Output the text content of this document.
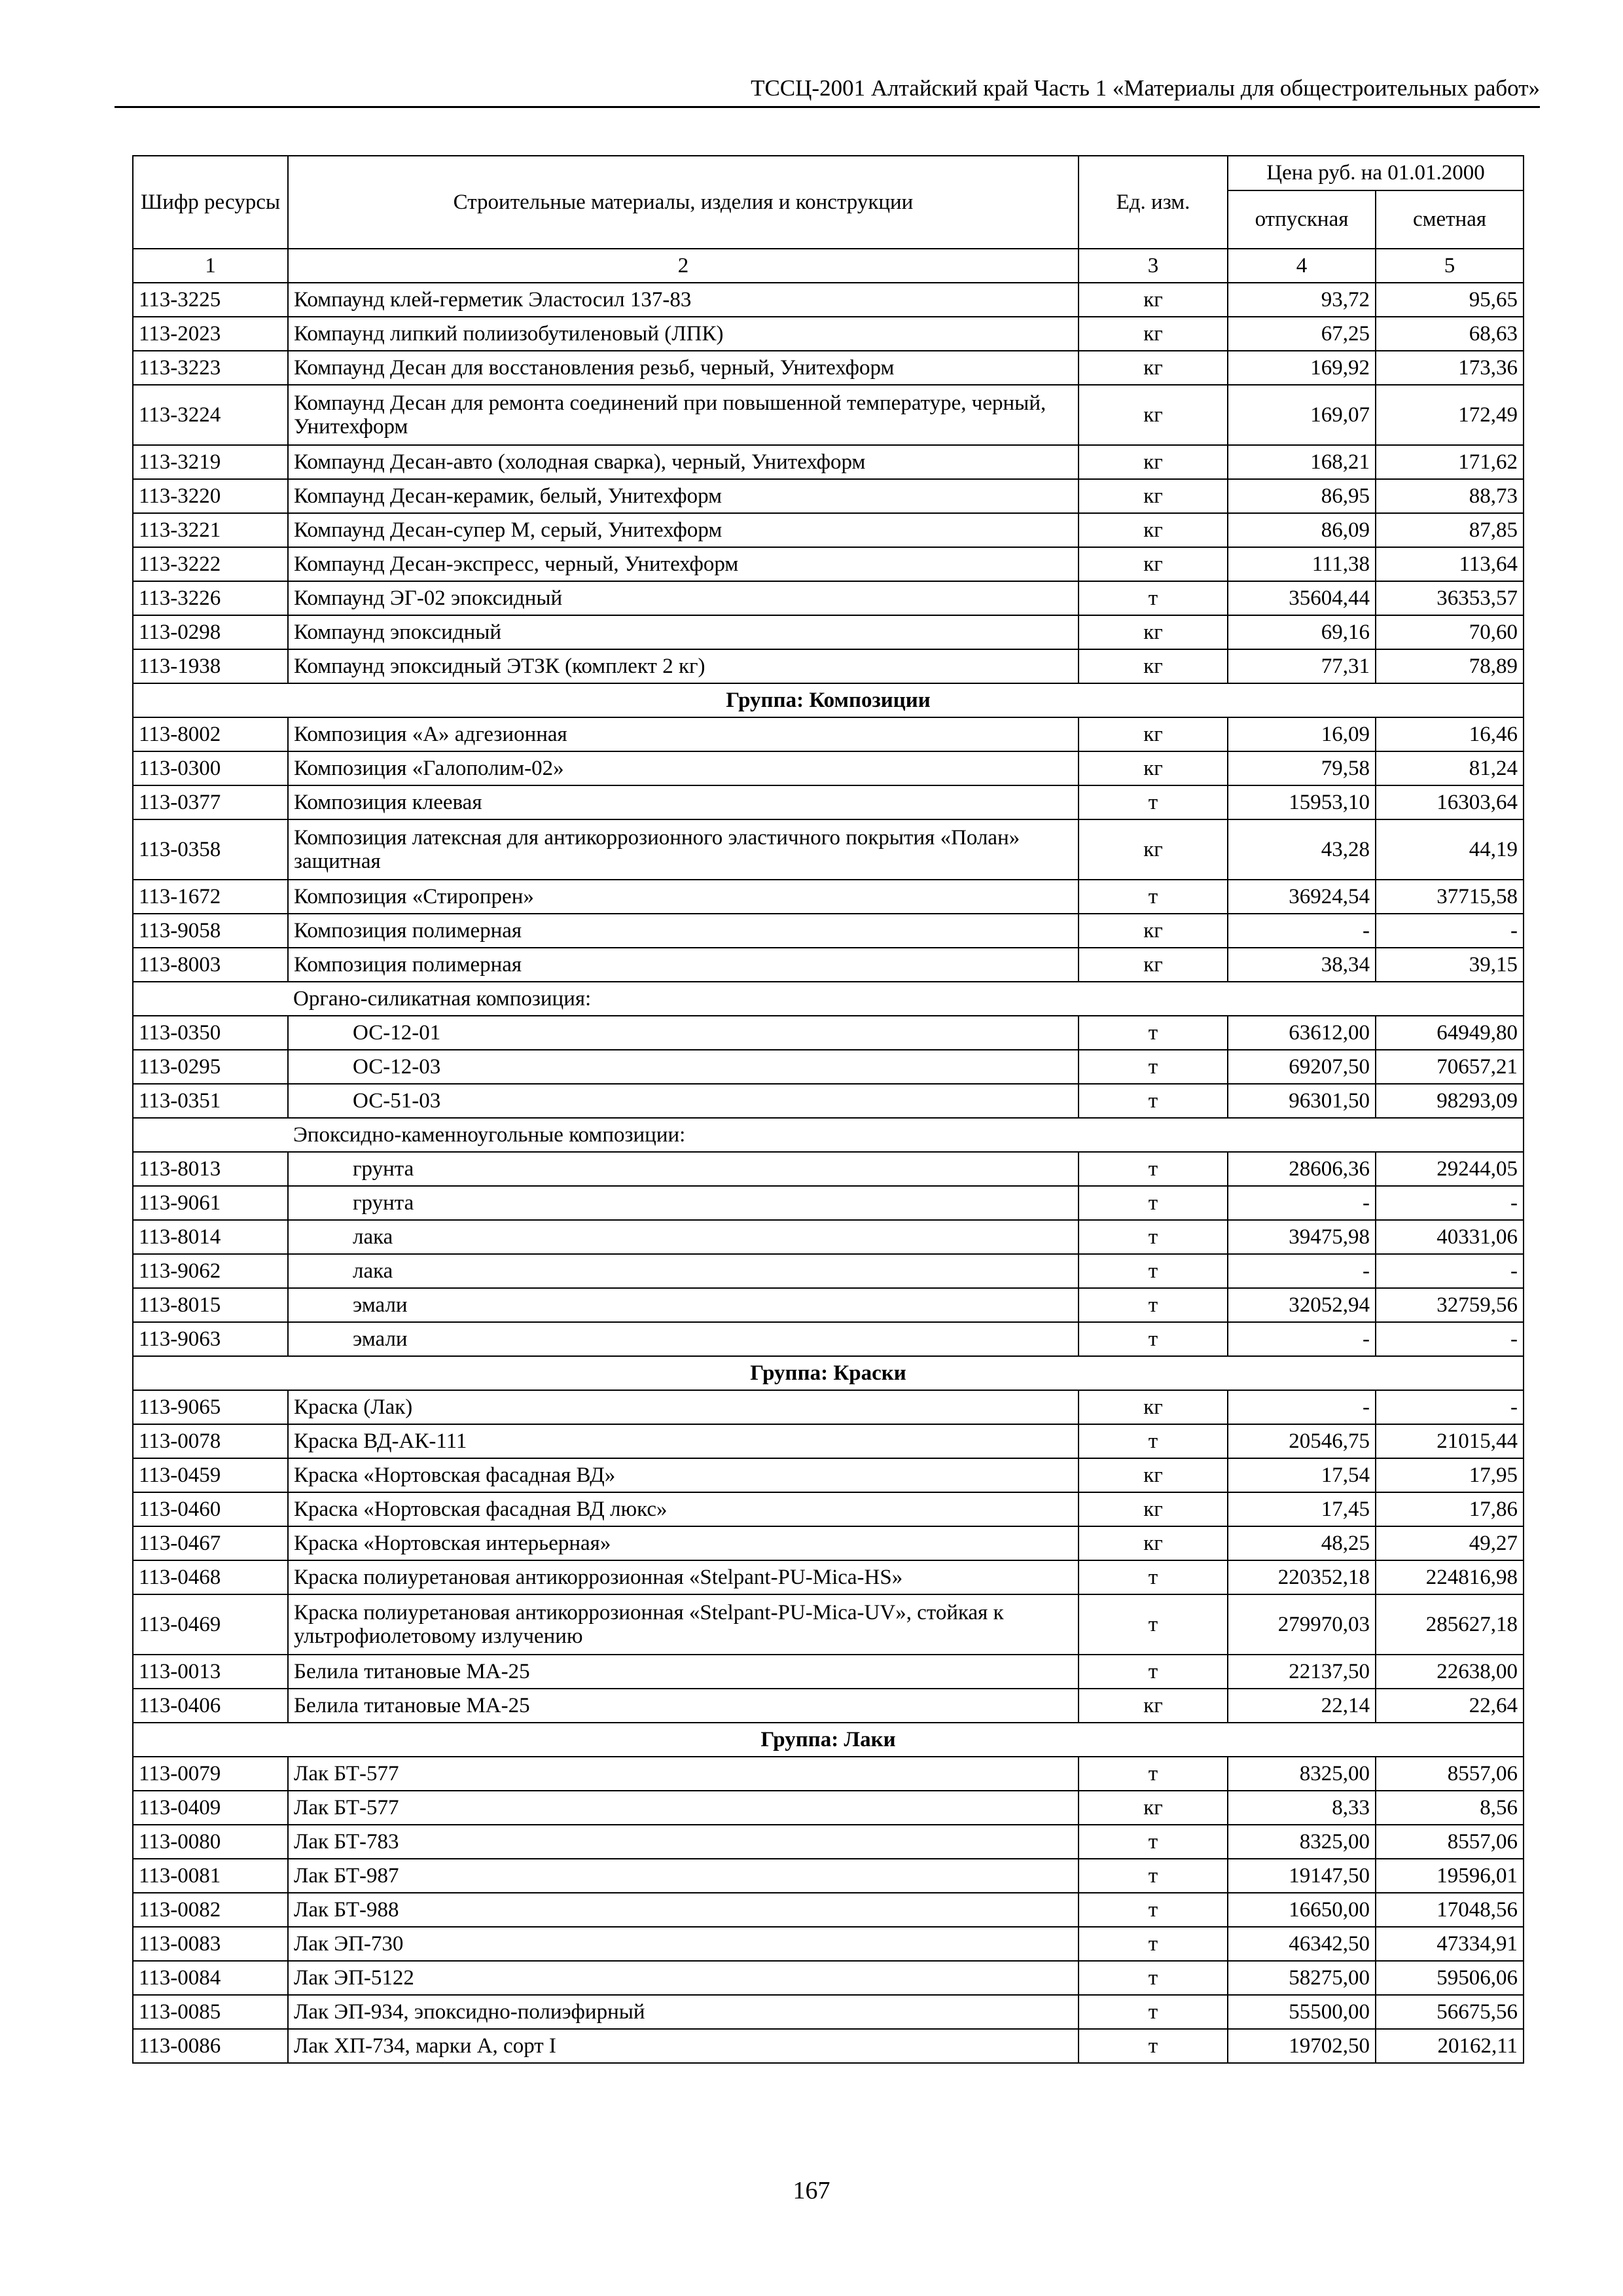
ТССЦ-2001 Алтайский край Часть 1 «Материалы для общестроительных работ»
Шифр ресурсы	Строительные материалы, изделия и конструкции	Ед. изм.	Цена руб. на 01.01.2000	
			отпускная	сметная
1	2	3	4	5
113-3225	Компаунд клей-герметик Эластосил 137-83	кг	93,72	95,65
113-2023	Компаунд липкий полиизобутиленовый (ЛПК)	кг	67,25	68,63
113-3223	Компаунд Десан для восстановления резьб, черный, Унитехформ	кг	169,92	173,36
113-3224	Компаунд Десан для ремонта соединений при повышенной температуре, черный, Унитехформ	кг	169,07	172,49
113-3219	Компаунд Десан-авто (холодная сварка), черный, Унитехформ	кг	168,21	171,62
113-3220	Компаунд Десан-керамик, белый, Унитехформ	кг	86,95	88,73
113-3221	Компаунд Десан-супер М, серый, Унитехформ	кг	86,09	87,85
113-3222	Компаунд Десан-экспресс, черный, Унитехформ	кг	111,38	113,64
113-3226	Компаунд ЭГ-02 эпоксидный	т	35604,44	36353,57
113-0298	Компаунд эпоксидный	кг	69,16	70,60
113-1938	Компаунд эпоксидный ЭТЗК (комплект 2 кг)	кг	77,31	78,89
Группа: Композиции				
113-8002	Композиция «А» адгезионная	кг	16,09	16,46
113-0300	Композиция «Галополим-02»	кг	79,58	81,24
113-0377	Композиция клеевая	т	15953,10	16303,64
113-0358	Композиция латексная для антикоррозионного эластичного покрытия «Полан» защитная	кг	43,28	44,19
113-1672	Композиция «Стиропрен»	т	36924,54	37715,58
113-9058	Композиция полимерная	кг	-	-
113-8003	Композиция полимерная	кг	38,34	39,15
	Органо-силикатная композиция:			
113-0350	ОС-12-01	т	63612,00	64949,80
113-0295	ОС-12-03	т	69207,50	70657,21
113-0351	ОС-51-03	т	96301,50	98293,09
	Эпоксидно-каменноугольные композиции:			
113-8013	грунта	т	28606,36	29244,05
113-9061	грунта	т	-	-
113-8014	лака	т	39475,98	40331,06
113-9062	лака	т	-	-
113-8015	эмали	т	32052,94	32759,56
113-9063	эмали	т	-	-
Группа: Краски				
113-9065	Краска (Лак)	кг	-	-
113-0078	Краска ВД-АК-111	т	20546,75	21015,44
113-0459	Краска «Нортовская фасадная ВД»	кг	17,54	17,95
113-0460	Краска «Нортовская фасадная ВД люкс»	кг	17,45	17,86
113-0467	Краска «Нортовская интерьерная»	кг	48,25	49,27
113-0468	Краска полиуретановая антикоррозионная «Stelpant-PU-Mica-HS»	т	220352,18	224816,98
113-0469	Краска полиуретановая антикоррозионная «Stelpant-PU-Mica-UV», стойкая к ультрофиолетовому излучению	т	279970,03	285627,18
113-0013	Белила титановые МА-25	т	22137,50	22638,00
113-0406	Белила титановые МА-25	кг	22,14	22,64
Группа: Лаки				
113-0079	Лак БТ-577	т	8325,00	8557,06
113-0409	Лак БТ-577	кг	8,33	8,56
113-0080	Лак БТ-783	т	8325,00	8557,06
113-0081	Лак БТ-987	т	19147,50	19596,01
113-0082	Лак БТ-988	т	16650,00	17048,56
113-0083	Лак ЭП-730	т	46342,50	47334,91
113-0084	Лак ЭП-5122	т	58275,00	59506,06
113-0085	Лак ЭП-934, эпоксидно-полиэфирный	т	55500,00	56675,56
113-0086	Лак ХП-734, марки А, сорт I	т	19702,50	20162,11
167
